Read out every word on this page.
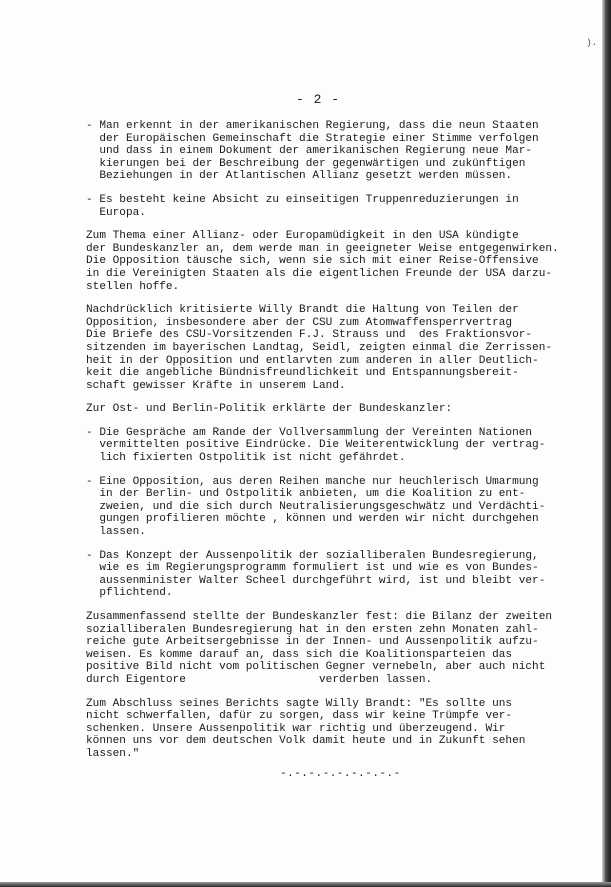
).
- 2 -
- Man erkennt in der amerikanischen Regierung, dass die neun Staaten
der Europäischen Gemeinschaft die Strategie einer Stimme verfolgen
und dass in einem Dokument der amerikanischen Regierung neue Mar-
kierungen bei der Beschreibung der gegenwärtigen und zukünftigen
Beziehungen in der Atlantischen Allianz gesetzt werden müssen.
- Es besteht keine Absicht zu einseitigen Truppenreduzierungen in
Europa.
Zum Thema einer Allianz- oder Europamüdigkeit in den USA kündigte
der Bundeskanzler an, dem werde man in geeigneter Weise entgegenwirken.
Die Opposition täusche sich, wenn sie sich mit einer Reise-Offensive
in die Vereinigten Staaten als die eigentlichen Freunde der USA darzu-
stellen hoffe.
Nachdrücklich kritisierte Willy Brandt die Haltung von Teilen der
Opposition, insbesondere aber der CSU zum Atomwaffensperrvertrag
Die Briefe des CSU-Vorsitzenden F.J. Strauss und  des Fraktionsvor-
sitzenden im bayerischen Landtag, Seidl, zeigten einmal die Zerrissen-
heit in der Opposition und entlarvten zum anderen in aller Deutlich-
keit die angebliche Bündnisfreundlichkeit und Entspannungsbereit-
schaft gewisser Kräfte in unserem Land.
Zur Ost- und Berlin-Politik erklärte der Bundeskanzler:
- Die Gespräche am Rande der Vollversammlung der Vereinten Nationen
vermittelten positive Eindrücke. Die Weiterentwicklung der vertrag-
lich fixierten Ostpolitik ist nicht gefährdet.
- Eine Opposition, aus deren Reihen manche nur heuchlerisch Umarmung
in der Berlin- und Ostpolitik anbieten, um die Koalition zu ent-
zweien, und die sich durch Neutralisierungsgeschwätz und Verdächti-
gungen profilieren möchte , können und werden wir nicht durchgehen
lassen.
- Das Konzept der Aussenpolitik der sozialliberalen Bundesregierung,
wie es im Regierungsprogramm formuliert ist und wie es von Bundes-
aussenminister Walter Scheel durchgeführt wird, ist und bleibt ver-
pflichtend.
Zusammenfassend stellte der Bundeskanzler fest: die Bilanz der zweiten
sozialliberalen Bundesregierung hat in den ersten zehn Monaten zahl-
reiche gute Arbeitsergebnisse in der Innen- und Aussenpolitik aufzu-
weisen. Es komme darauf an, dass sich die Koalitionsparteien das
positive Bild nicht vom politischen Gegner vernebeln, aber auch nicht
durch Eigentore                    verderben lassen.
Zum Abschluss seines Berichts sagte Willy Brandt: "Es sollte uns
nicht schwerfallen, dafür zu sorgen, dass wir keine Trümpfe ver-
schenken. Unsere Aussenpolitik war richtig und überzeugend. Wir
können uns vor dem deutschen Volk damit heute und in Zukunft sehen
lassen."
-.-.-.-.-.-.-.-.-
